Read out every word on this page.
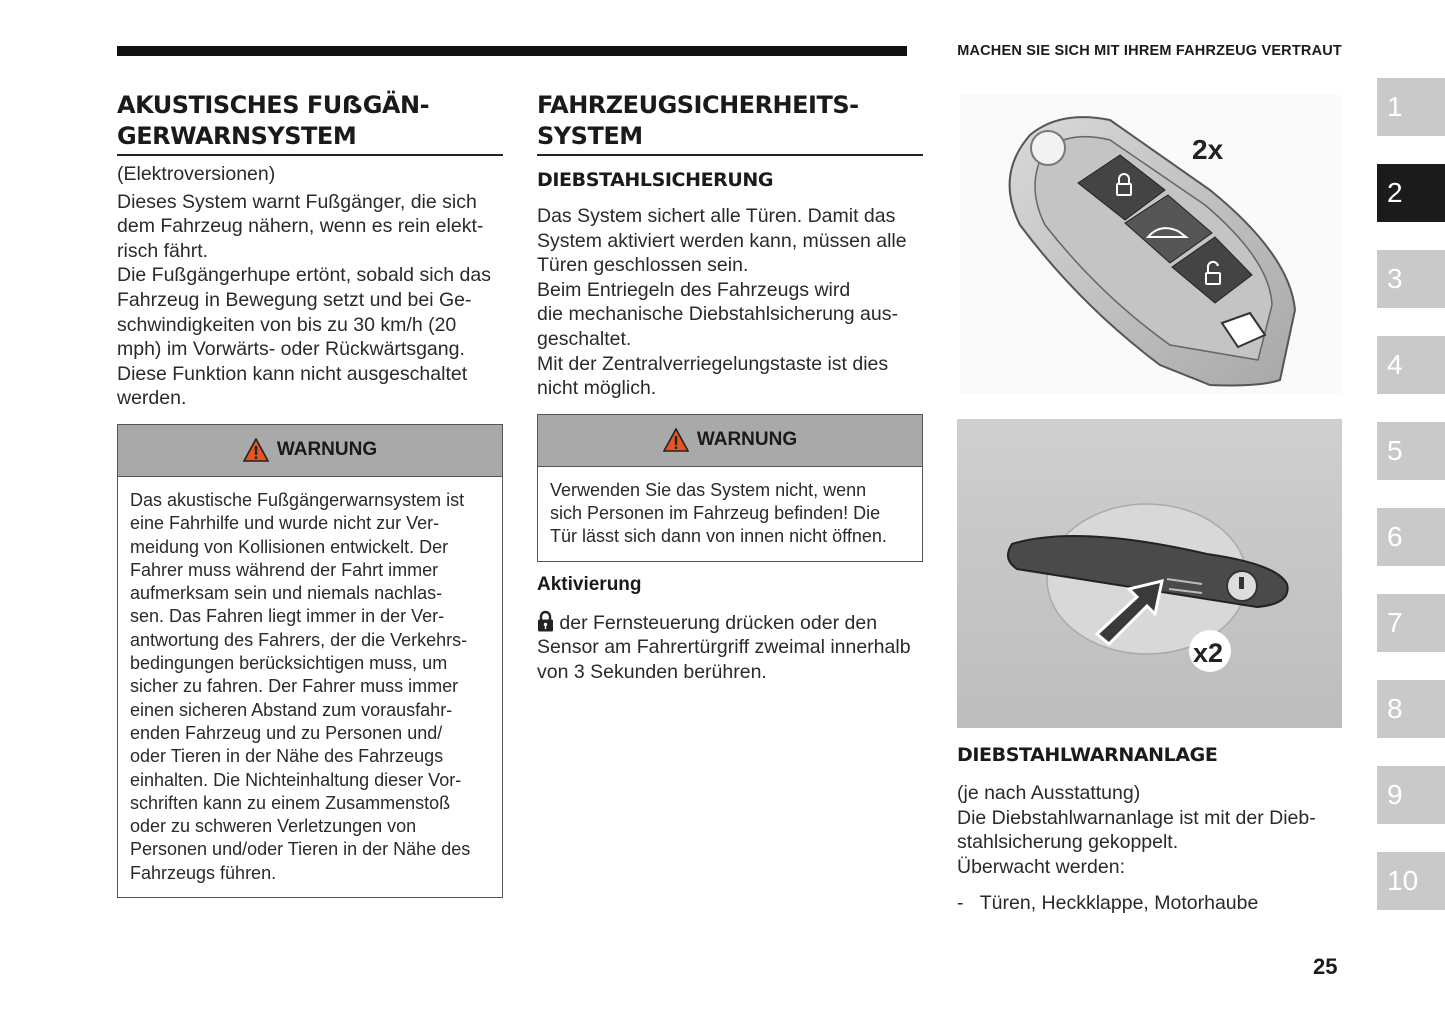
MACHEN SIE SICH MIT IHREM FAHRZEUG VERTRAUT
AKUSTISCHES FUẞGÄN-
GERWARNSYSTEM

(Elektroversionen)

Dieses System warnt Fußgänger, die sich

dem Fahrzeug nähern, wenn es rein elekt-

risch fährt.

Die Fußgängerhupe ertönt, sobald sich das

Fahrzeug in Bewegung setzt und bei Ge-

schwindigkeiten von bis zu 30 km/h (20

mph) im Vorwärts- oder Rückwärtsgang.

Diese Funktion kann nicht ausgeschaltet

werden.

WARNUNG
Das akustische Fußgängerwarnsystem ist
eine Fahrhilfe und wurde nicht zur Ver-
meidung von Kollisionen entwickelt. Der
Fahrer muss während der Fahrt immer
aufmerksam sein und niemals nachlas-
sen. Das Fahren liegt immer in der Ver-
antwortung des Fahrers, der die Verkehrs-
bedingungen berücksichtigen muss, um
sicher zu fahren. Der Fahrer muss immer
einen sicheren Abstand zum vorausfahr-
enden Fahrzeug und zu Personen und/
oder Tieren in der Nähe des Fahrzeugs
einhalten. Die Nichteinhaltung dieser Vor-
schriften kann zu einem Zusammenstoß
oder zu schweren Verletzungen von
Personen und/oder Tieren in der Nähe des
Fahrzeugs führen.
FAHRZEUGSICHERHEITS-
SYSTEM
DIEBSTAHLSICHERUNG

Das System sichert alle Türen. Damit das

System aktiviert werden kann, müssen alle

Türen geschlossen sein.

Beim Entriegeln des Fahrzeugs wird

die mechanische Diebstahlsicherung aus-

geschaltet.

Mit der Zentralverriegelungstaste ist dies

nicht möglich.

WARNUNG
Verwenden Sie das System nicht, wenn
sich Personen im Fahrzeug befinden! Die
Tür lässt sich dann von innen nicht öffnen.
Aktivierung

der Fernsteuerung drücken oder den

Sensor am Fahrertürgriff zweimal innerhalb

von 3 Sekunden berühren.

2x
x2
DIEBSTAHLWARNANLAGE

(je nach Ausstattung)

Die Diebstahlwarnanlage ist mit der Dieb-

stahlsicherung gekoppelt.

Überwacht werden:

- Türen, Heckklappe, Motorhaube

1
2
3
4
5
6
7
8
9
10
25
